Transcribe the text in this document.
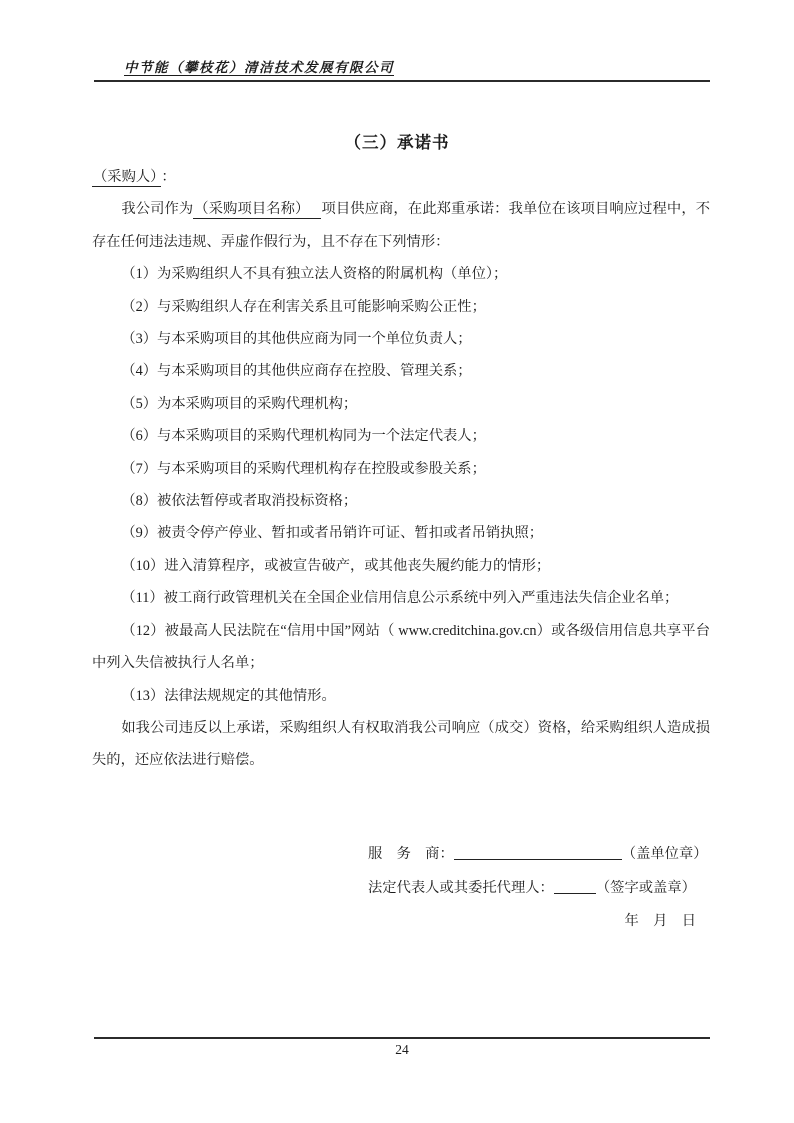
中节能（攀枝花）清洁技术发展有限公司
（三）承诺书

（采购人） ：

我公司作为（采购项目名称） 项目供应商，在此郑重承诺：我单位在该项目响应过程中，不存在任何违法违规、弄虚作假行为，且不存在下列情形：

（1）为采购组织人不具有独立法人资格的附属机构（单位）；

（2）与采购组织人存在利害关系且可能影响采购公正性；

（3）与本采购项目的其他供应商为同一个单位负责人；

（4）与本采购项目的其他供应商存在控股、管理关系；

（5）为本采购项目的采购代理机构；

（6）与本采购项目的采购代理机构同为一个法定代表人；

（7）与本采购项目的采购代理机构存在控股或参股关系；

（8）被依法暂停或者取消投标资格；

（9）被责令停产停业、暂扣或者吊销许可证、暂扣或者吊销执照；

（10）进入清算程序，或被宣告破产，或其他丧失履约能力的情形；

（11）被工商行政管理机关在全国企业信用信息公示系统中列入严重违法失信企业名单；

（12）被最高人民法院在“信用中国”网站（ www.creditchina.gov.cn）或各级信用信息共享平台中列入失信被执行人名单；

（13）法律法规规定的其他情形。

如我公司违反以上承诺，采购组织人有权取消我公司响应（成交）资格，给采购组织人造成损失的，还应依法进行赔偿。

服　务　商：	（盖单位章）
法定代表人或其委托代理人：	（签字或盖章）
年　月　日
24
